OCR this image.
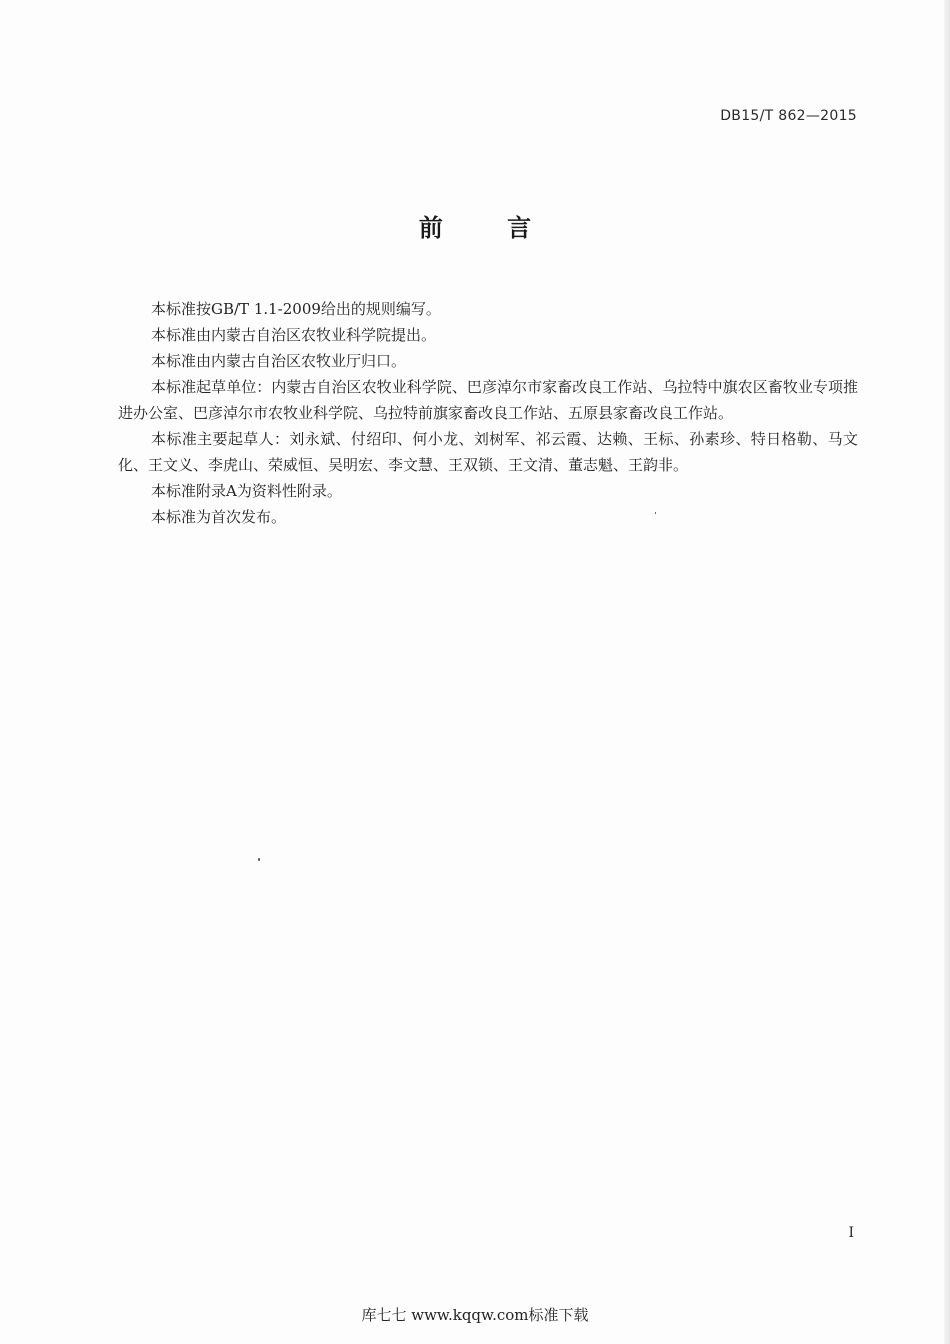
DB15/T 862—2015
前 言

本标准按GB/T 1.1-2009给出的规则编写。

本标准由内蒙古自治区农牧业科学院提出。

本标准由内蒙古自治区农牧业厅归口。

本标准起草单位：内蒙古自治区农牧业科学院、巴彦淖尔市家畜改良工作站、乌拉特中旗农区畜牧业专项推进办公室、巴彦淖尔市农牧业科学院、乌拉特前旗家畜改良工作站、五原县家畜改良工作站。

本标准主要起草人：刘永斌、付绍印、何小龙、刘树军、祁云霞、达赖、王标、孙素珍、特日格勒、马文化、王文义、李虎山、荣威恒、吴明宏、李文慧、王双锁、王文清、董志魁、王韵非。

本标准附录A为资料性附录。

本标准为首次发布。

I
库七七 www.kqqw.com标准下载
